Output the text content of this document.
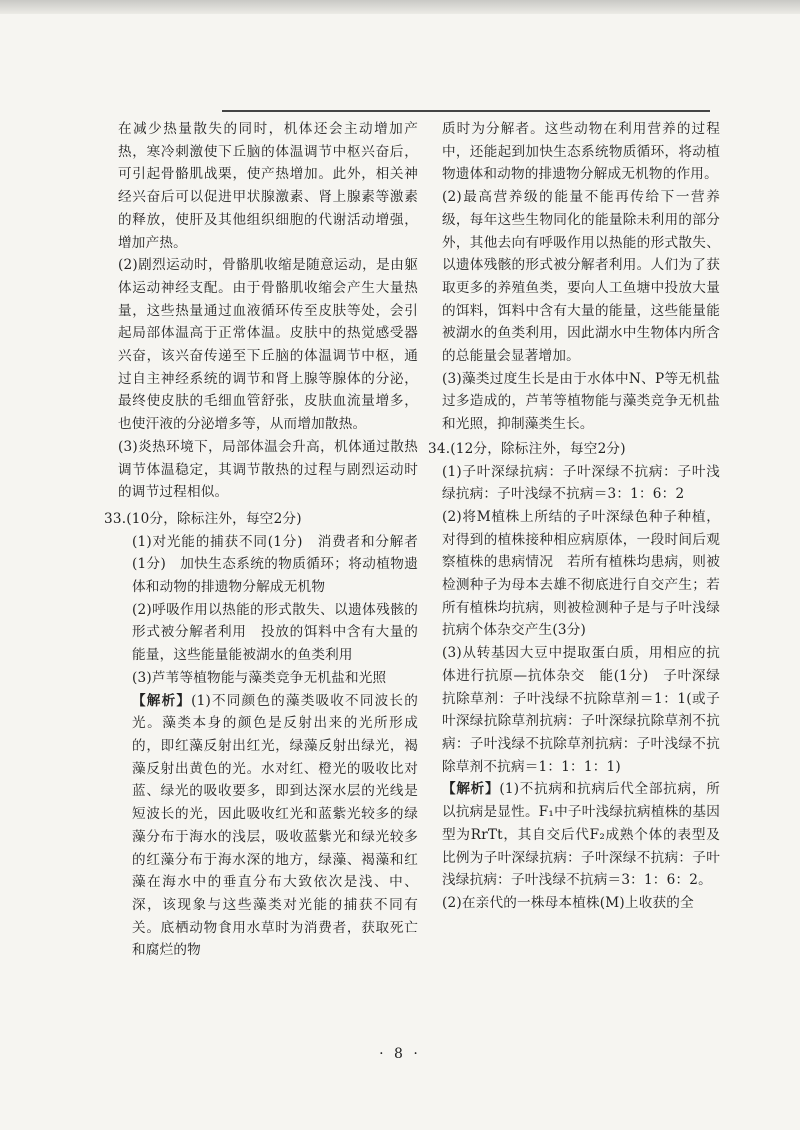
在减少热量散失的同时，机体还会主动增加产热，寒冷刺激使下丘脑的体温调节中枢兴奋后，可引起骨骼肌战栗，使产热增加。此外，相关神经兴奋后可以促进甲状腺激素、肾上腺素等激素的释放，使肝及其他组织细胞的代谢活动增强，增加产热。

(2)剧烈运动时，骨骼肌收缩是随意运动，是由躯体运动神经支配。由于骨骼肌收缩会产生大量热量，这些热量通过血液循环传至皮肤等处，会引起局部体温高于正常体温。皮肤中的热觉感受器兴奋，该兴奋传递至下丘脑的体温调节中枢，通过自主神经系统的调节和肾上腺等腺体的分泌，最终使皮肤的毛细血管舒张，皮肤血流量增多，也使汗液的分泌增多等，从而增加散热。

(3)炎热环境下，局部体温会升高，机体通过散热调节体温稳定，其调节散热的过程与剧烈运动时的调节过程相似。

33.(10分，除标注外，每空2分)

(1)对光能的捕获不同(1分)　消费者和分解者(1分)　加快生态系统的物质循环；将动植物遗体和动物的排遗物分解成无机物

(2)呼吸作用以热能的形式散失、以遗体残骸的形式被分解者利用　投放的饵料中含有大量的能量，这些能量能被湖水的鱼类利用

(3)芦苇等植物能与藻类竞争无机盐和光照

【解析】(1)不同颜色的藻类吸收不同波长的光。藻类本身的颜色是反射出来的光所形成的，即红藻反射出红光，绿藻反射出绿光，褐藻反射出黄色的光。水对红、橙光的吸收比对蓝、绿光的吸收要多，即到达深水层的光线是短波长的光，因此吸收红光和蓝紫光较多的绿藻分布于海水的浅层，吸收蓝紫光和绿光较多的红藻分布于海水深的地方，绿藻、褐藻和红藻在海水中的垂直分布大致依次是浅、中、深，该现象与这些藻类对光能的捕获不同有关。底栖动物食用水草时为消费者，获取死亡和腐烂的物

质时为分解者。这些动物在利用营养的过程中，还能起到加快生态系统物质循环，将动植物遗体和动物的排遗物分解成无机物的作用。

(2)最高营养级的能量不能再传给下一营养级，每年这些生物同化的能量除未利用的部分外，其他去向有呼吸作用以热能的形式散失、以遗体残骸的形式被分解者利用。人们为了获取更多的养殖鱼类，要向人工鱼塘中投放大量的饵料，饵料中含有大量的能量，这些能量能被湖水的鱼类利用，因此湖水中生物体内所含的总能量会显著增加。

(3)藻类过度生长是由于水体中N、P等无机盐过多造成的，芦苇等植物能与藻类竞争无机盐和光照，抑制藻类生长。

34.(12分，除标注外，每空2分)

(1)子叶深绿抗病：子叶深绿不抗病：子叶浅绿抗病：子叶浅绿不抗病＝3：1：6：2

(2)将M植株上所结的子叶深绿色种子种植，对得到的植株接种相应病原体，一段时间后观察植株的患病情况　若所有植株均患病，则被检测种子为母本去雄不彻底进行自交产生；若所有植株均抗病，则被检测种子是与子叶浅绿抗病个体杂交产生(3分)

(3)从转基因大豆中提取蛋白质，用相应的抗体进行抗原—抗体杂交　能(1分)　子叶深绿抗除草剂：子叶浅绿不抗除草剂＝1：1(或子叶深绿抗除草剂抗病：子叶深绿抗除草剂不抗病：子叶浅绿不抗除草剂抗病：子叶浅绿不抗除草剂不抗病＝1：1：1：1)

【解析】(1)不抗病和抗病后代全部抗病，所以抗病是显性。F₁中子叶浅绿抗病植株的基因型为RrTt，其自交后代F₂成熟个体的表型及比例为子叶深绿抗病：子叶深绿不抗病：子叶浅绿抗病：子叶浅绿不抗病＝3：1：6：2。

(2)在亲代的一株母本植株(M)上收获的全

· 8 ·
